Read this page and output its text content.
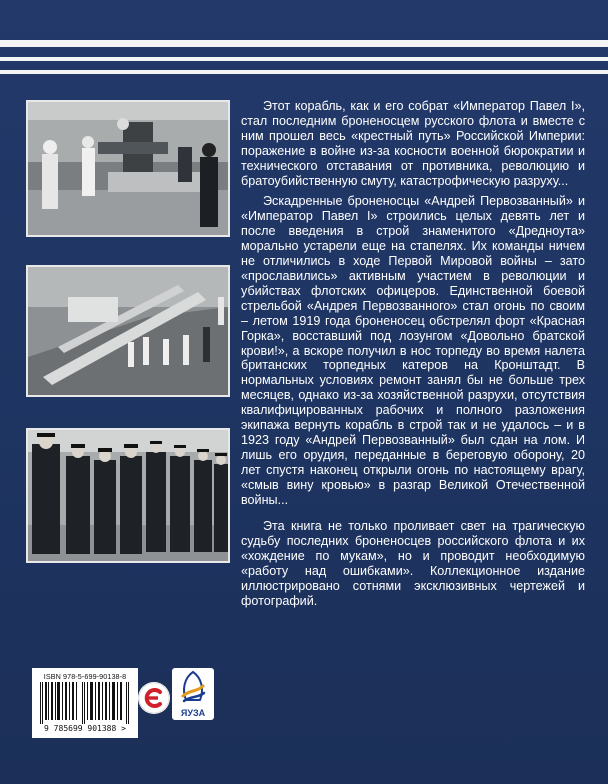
Этот корабль, как и его собрат «Император Павел I», стал последним броненосцем русского флота и вместе с ним прошел весь «крестный путь» Российской Империи: поражение в войне из-за косности военной бюрократии и технического отставания от противника, революцию и братоубийственную смуту, катастрофическую разруху...

Эскадренные броненосцы «Андрей Первозванный» и «Император Павел I» строились целых девять лет и после введения в строй знаменитого «Дредноута» морально устарели еще на стапелях. Их команды ничем не отличились в ходе Первой Мировой войны – зато «прославились» активным участием в революции и убийствах флотских офицеров. Единственной боевой стрельбой «Андрея Первозванного» стал огонь по своим – летом 1919 года броненосец обстрелял форт «Красная Горка», восставший под лозунгом «Довольно братской крови!», а вскоре получил в нос торпеду во время налета британских торпедных катеров на Кронштадт. В нормальных условиях ремонт занял бы не больше трех месяцев, однако из-за хозяйственной разрухи, отсутствия квалифицированных рабочих и полного разложения экипажа вернуть корабль в строй так и не удалось – и в 1923 году «Андрей Первозванный» был сдан на лом. И лишь его орудия, переданные в береговую оборону, 20 лет спустя наконец открыли огонь по настоящему врагу, «смыв вину кровью» в разгар Великой Отечественной войны...

Эта книга не только проливает свет на трагическую судьбу последних броненосцев российского флота и их «хождение по мукам», но и проводит необходимую «работу над ошибками». Коллекционное издание иллюстрировано сотнями эксклюзивных чертежей и фотографий.

ISBN 978-5-699-90138-8
9 785699 901388 >
ЯУЗА
